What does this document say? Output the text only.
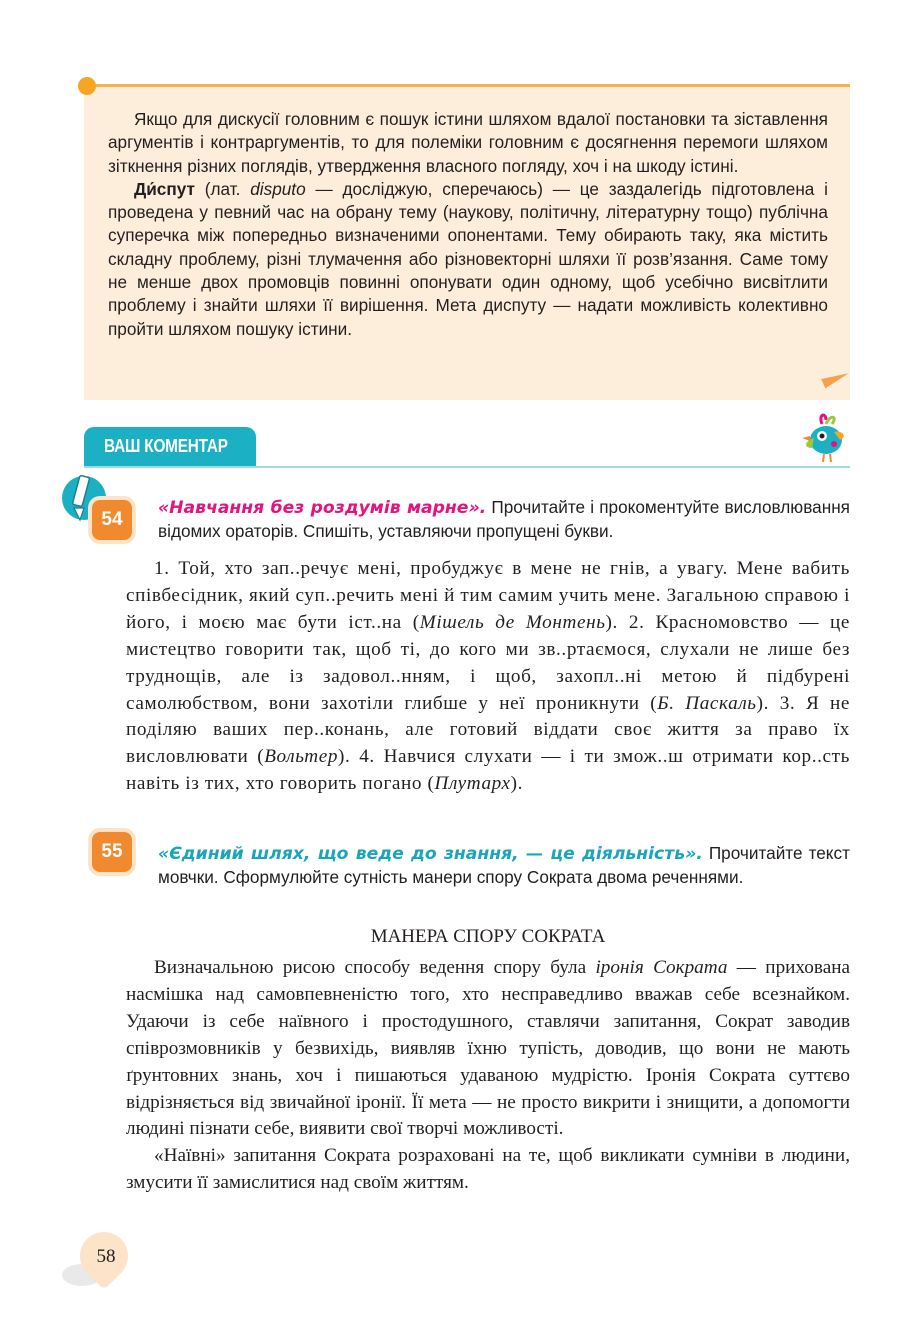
Якщо для дискусії головним є пошук істини шляхом вдалої постановки та зіставлення аргументів і контраргументів, то для полеміки головним є досягнення перемоги шляхом зіткнення різних поглядів, утвердження власного погляду, хоч і на шкоду істині.

Ди́спут (лат. disputo — досліджую, сперечаюсь) — це заздалегідь підготовлена і проведена у певний час на обрану тему (наукову, політичну, літературну тощо) публічна суперечка між попередньо визначеними опонентами. Тему обирають таку, яка містить складну проблему, різні тлумачення або різновекторні шляхи її розв’язання. Саме тому не менше двох промовців повинні опонувати один одному, щоб усебічно висвітлити проблему і знайти шляхи її вирішення. Мета диспуту — надати можливість колективно пройти шляхом пошуку істини.

ВАШ КОМЕНТАР
54

«Навчання без роздумів марне». Прочитайте і прокоментуйте висловлювання відомих ораторів. Спишіть, уставляючи пропущені букви.

1. Той, хто зап..речує мені, пробуджує в мене не гнів, а увагу. Мене вабить співбесідник, який суп..речить мені й тим самим учить мене. Загальною справою і його, і моєю має бути іст..на (Мішель де Монтень). 2. Красномовство — це мистецтво говорити так, щоб ті, до кого ми зв..ртаємося, слухали не лише без труднощів, але із задовол..нням, і щоб, захопл..ні метою й підбурені самолюбством, вони захотіли глибше у неї проникнути (Б. Паскаль). 3. Я не поділяю ваших пер..конань, але готовий віддати своє життя за право їх висловлювати (Вольтер). 4. Навчися слухати — і ти змож..ш отримати кор..сть навіть із тих, хто говорить погано (Плутарх).

55	«Єдиний шлях, що веде до знання, — це діяльність». Прочитайте текст мовчки. Сформулюйте сутність манери спору Сократа двома реченнями.

МАНЕРА СПОРУ СОКРАТА

Визначальною рисою способу ведення спору була іронія Сократа — прихована насмішка над самовпевненістю того, хто несправедливо вважав себе всезнайком. Удаючи із себе наївного і простодушного, ставлячи запитання, Сократ заводив співрозмовників у безвихідь, виявляв їхню тупість, доводив, що вони не мають ґрунтовних знань, хоч і пишаються удаваною мудрістю. Іронія Сократа суттєво відрізняється від звичайної іронії. Її мета — не просто викрити і знищити, а допомогти людині пізнати себе, виявити свої творчі можливості.

«Наївні» запитання Сократа розраховані на те, щоб викликати сумніви в людини, змусити її замислитися над своїм життям.

58
